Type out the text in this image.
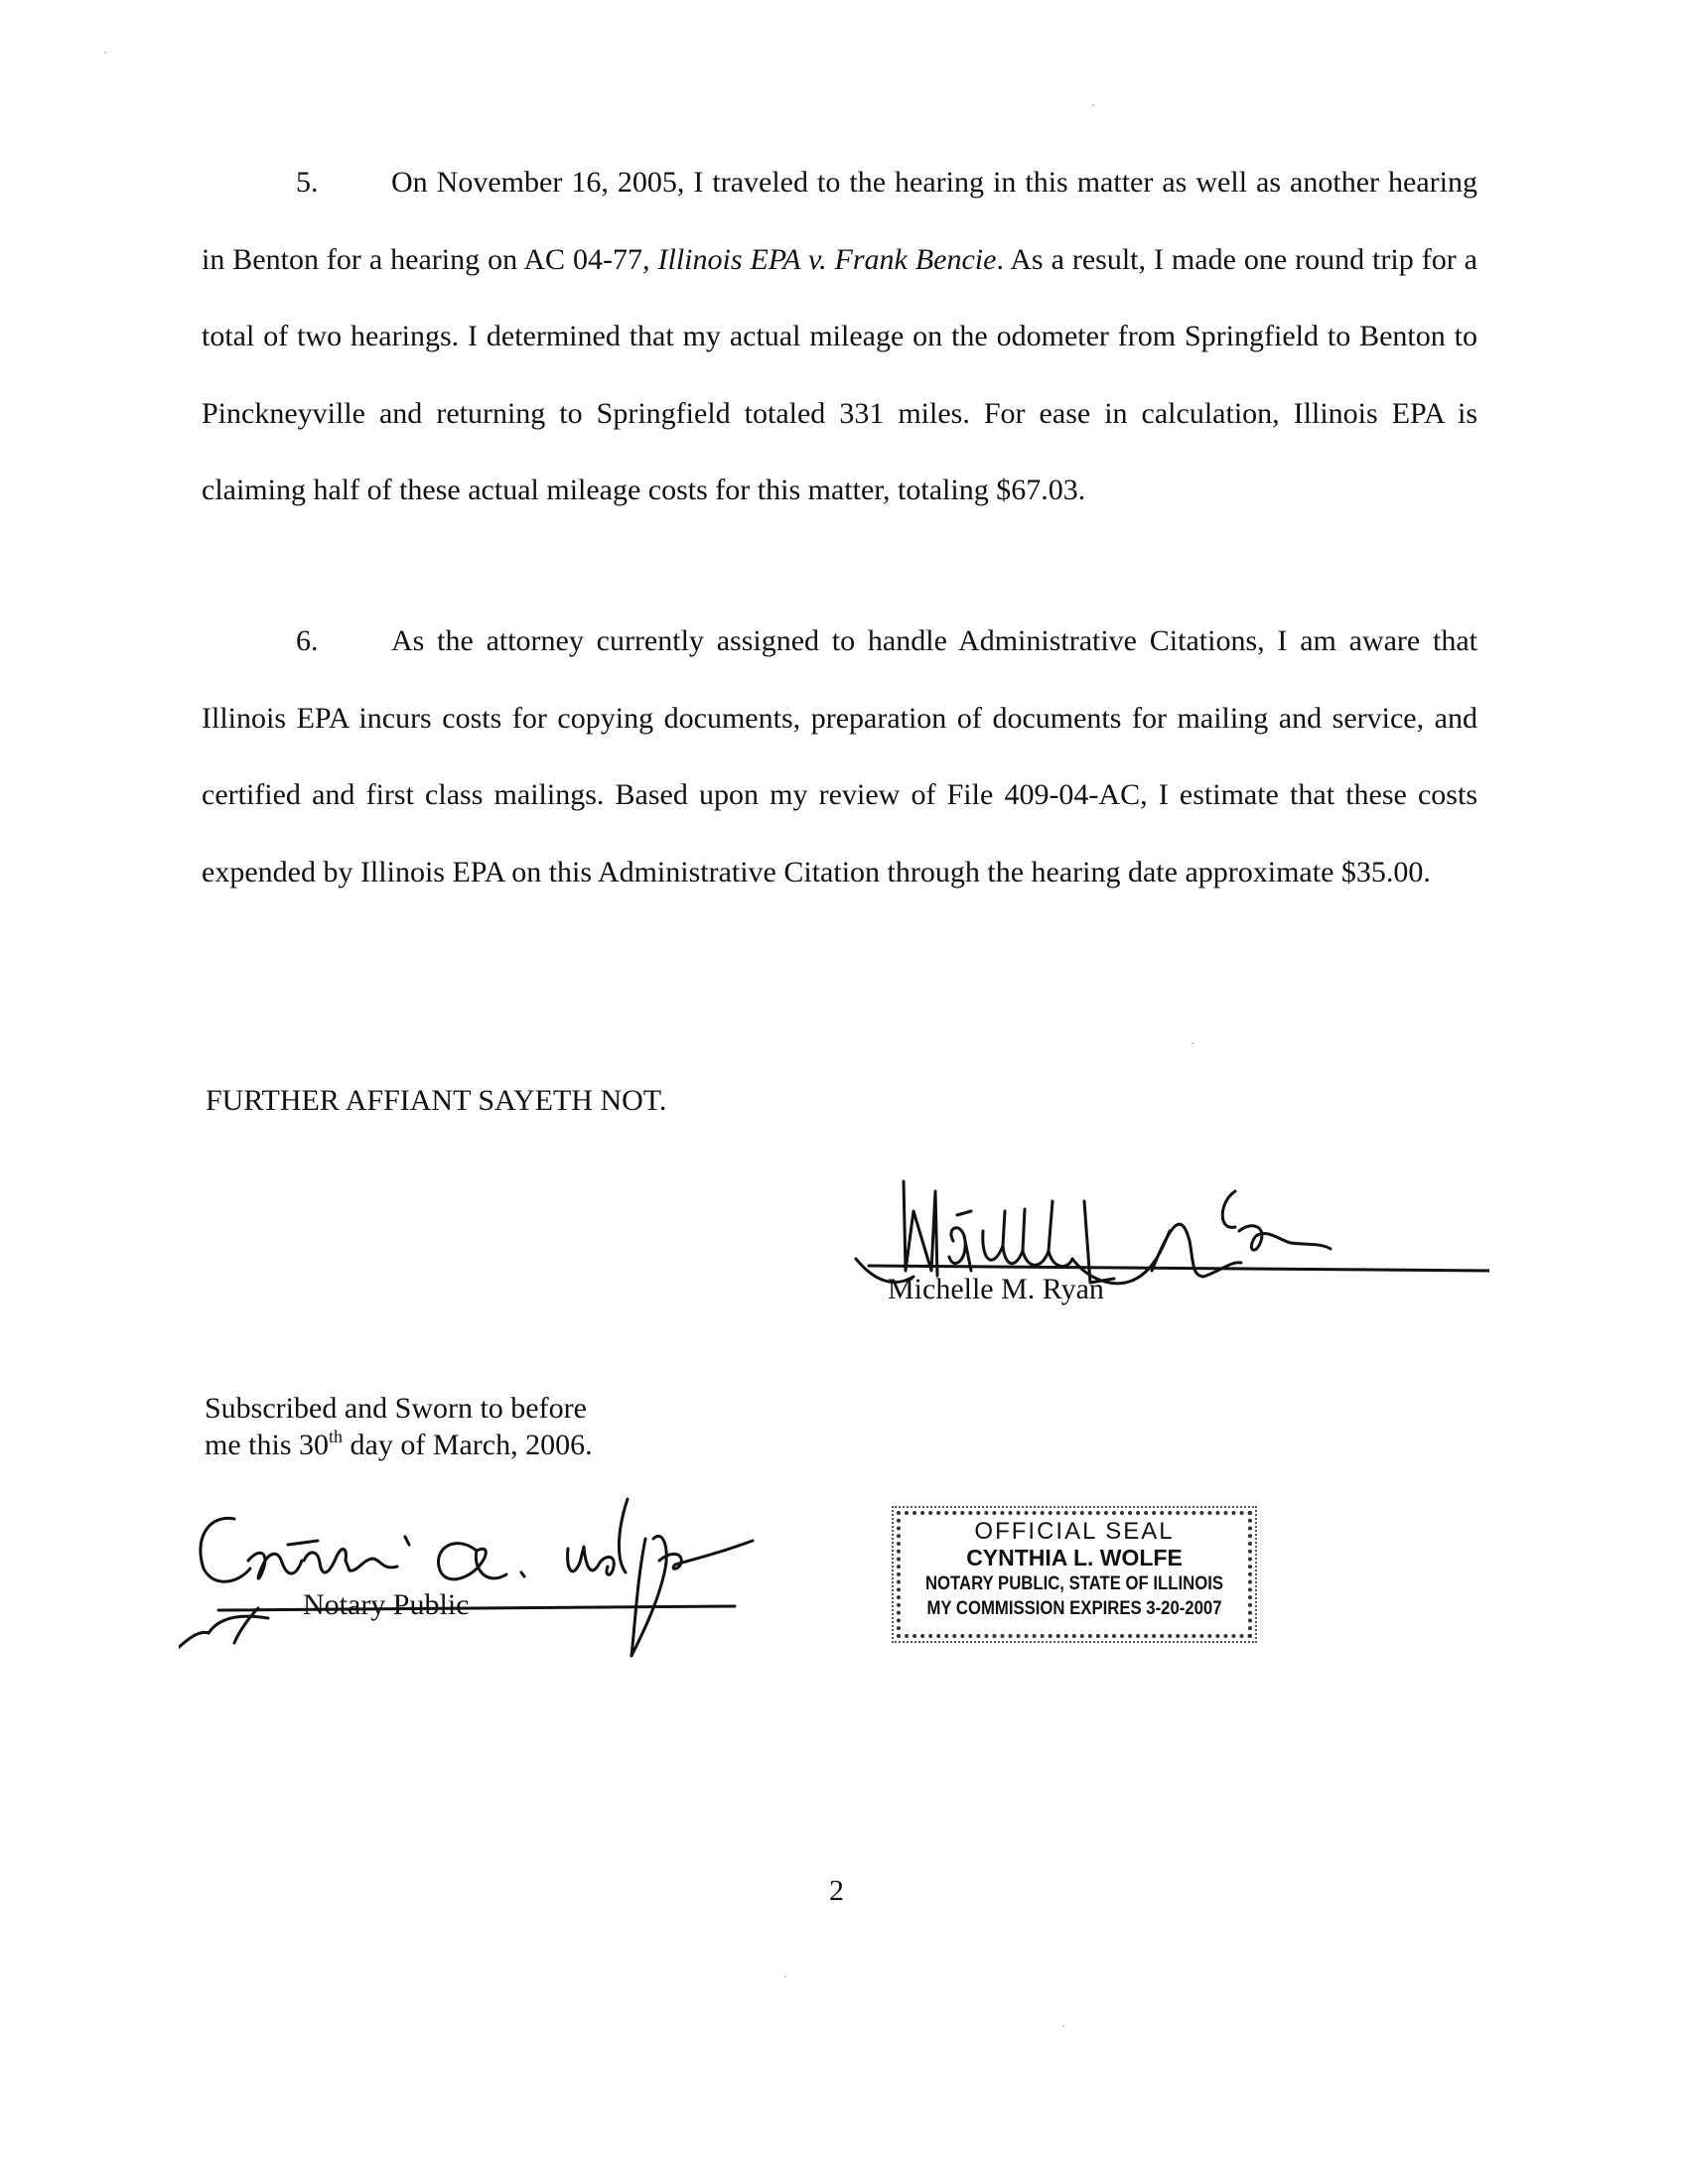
5. On November 16, 2005, I traveled to the hearing in this matter as well as another hearing in Benton for a hearing on AC 04-77, Illinois EPA v. Frank Bencie. As a result, I made one round trip for a total of two hearings. I determined that my actual mileage on the odometer from Springfield to Benton to Pinckneyville and returning to Springfield totaled 331 miles. For ease in calculation, Illinois EPA is claiming half of these actual mileage costs for this matter, totaling $67.03.

6. As the attorney currently assigned to handle Administrative Citations, I am aware that Illinois EPA incurs costs for copying documents, preparation of documents for mailing and service, and certified and first class mailings. Based upon my review of File 409-04-AC, I estimate that these costs expended by Illinois EPA on this Administrative Citation through the hearing date approximate $35.00.

FURTHER AFFIANT SAYETH NOT.

Michelle M. Ryan

Subscribed and Sworn to before
me this 30th day of March, 2006.

Notary Public

OFFICIAL SEAL
CYNTHIA L. WOLFE
NOTARY PUBLIC, STATE OF ILLINOIS
MY COMMISSION EXPIRES 3-20-2007

2
